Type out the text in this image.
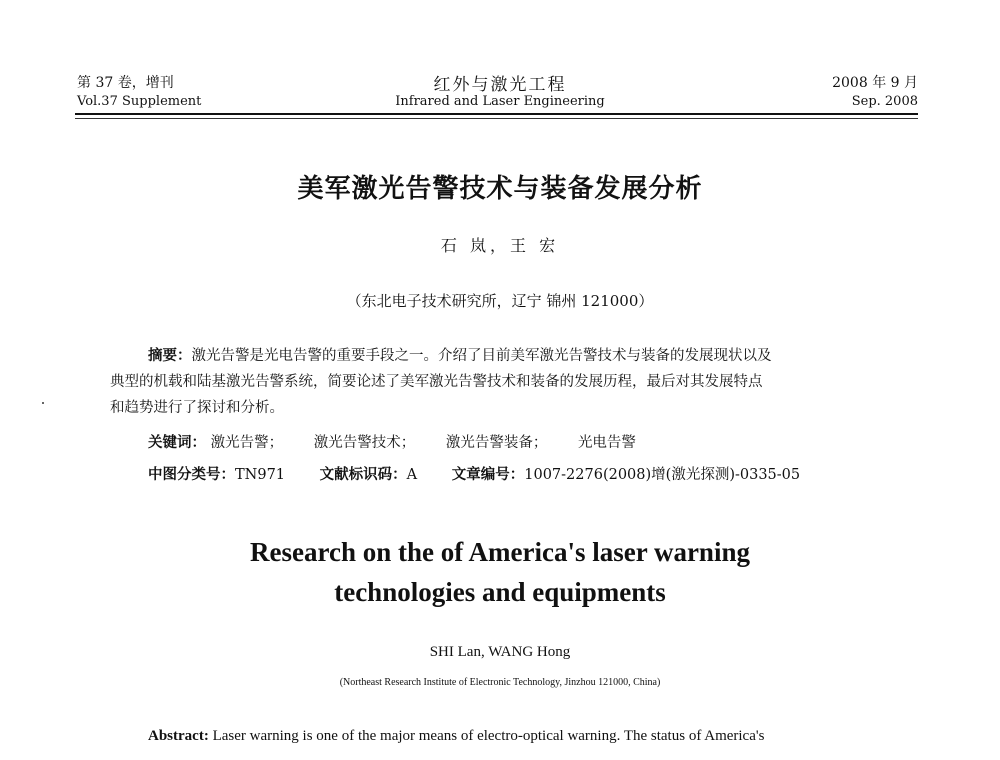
第 37 卷，增刊
Vol.37 Supplement
红外与激光工程
Infrared and Laser Engineering
2008 年 9 月
Sep. 2008
美军激光告警技术与装备发展分析
石 岚，王 宏
（东北电子技术研究所，辽宁 锦州 121000）
摘要：激光告警是光电告警的重要手段之一。介绍了目前美军激光告警技术与装备的发展现状以及
典型的机载和陆基激光告警系统，简要论述了美军激光告警技术和装备的发展历程，最后对其发展特点
和趋势进行了探讨和分析。
关键词： 激光告警； 激光告警技术； 激光告警装备； 光电告警
中图分类号：TN971 文献标识码：A 文章编号：1007-2276(2008)增(激光探测)-0335-05
Research on the of America's laser warning
technologies and equipments
SHI Lan, WANG Hong
(Northeast Research Institute of Electronic Technology, Jinzhou 121000, China)
Abstract: Laser warning is one of the major means of electro-optical warning. The status of America's
